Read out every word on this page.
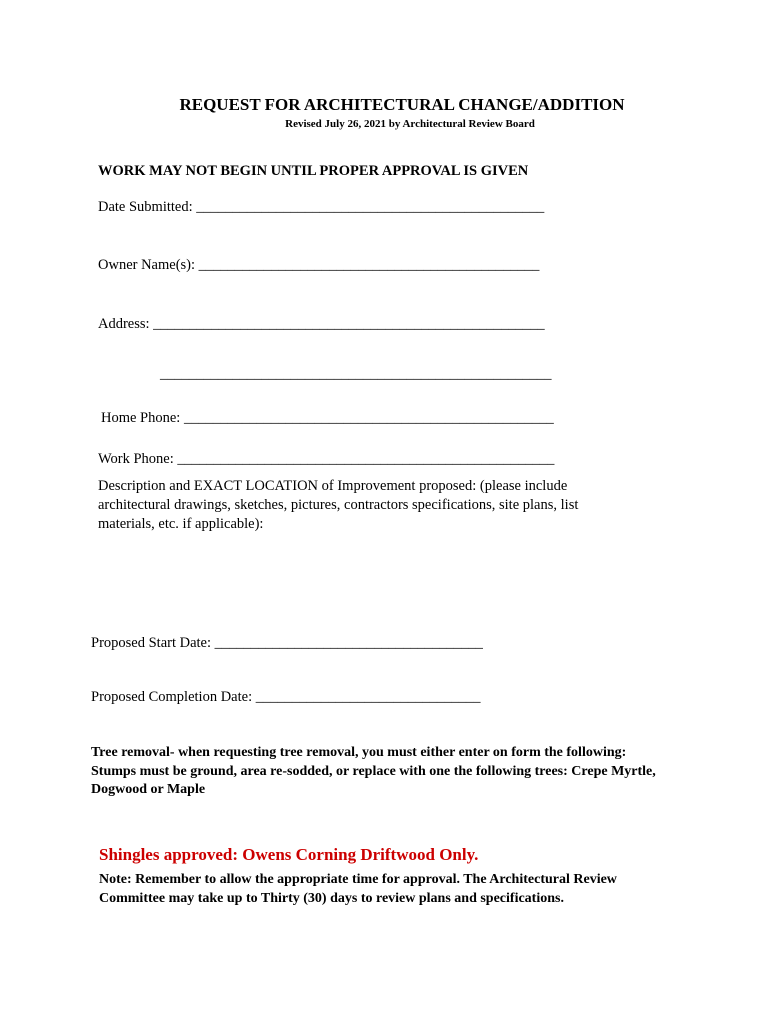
REQUEST FOR ARCHITECTURAL CHANGE/ADDITION
Revised July 26, 2021 by Architectural Review Board
WORK MAY NOT BEGIN UNTIL PROPER APPROVAL IS GIVEN
Date Submitted: ________________________________________________
Owner Name(s): _______________________________________________
Address: ______________________________________________________
______________________________________________________
Home Phone: ___________________________________________________
Work Phone: ____________________________________________________
Description and EXACT LOCATION of Improvement proposed: (please include architectural drawings, sketches, pictures, contractors specifications, site plans, list materials, etc. if applicable):
Proposed Start Date: _____________________________________
Proposed Completion Date: _______________________________

Tree removal- when requesting tree removal, you must either enter on form the following:

Stumps must be ground, area re-sodded, or replace with one the following trees: Crepe Myrtle, Dogwood or Maple

Shingles approved: Owens Corning Driftwood Only.
Note: Remember to allow the appropriate time for approval. The Architectural Review Committee may take up to Thirty (30) days to review plans and specifications.
